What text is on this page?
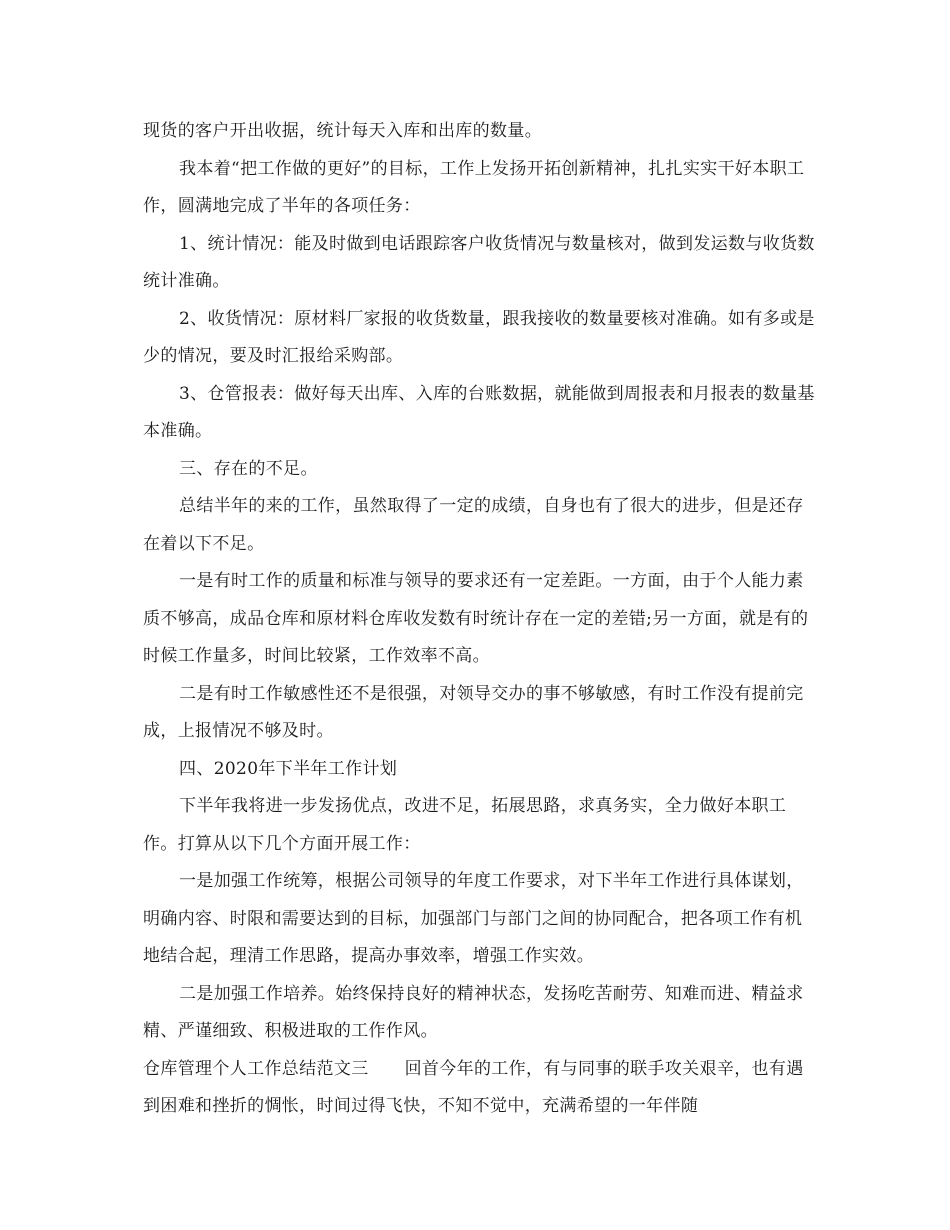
现货的客户开出收据，统计每天入库和出库的数量。

我本着“把工作做的更好”的目标，工作上发扬开拓创新精神，扎扎实实干好本职工作，圆满地完成了半年的各项任务：

1、统计情况：能及时做到电话跟踪客户收货情况与数量核对，做到发运数与收货数统计准确。

2、收货情况：原材料厂家报的收货数量，跟我接收的数量要核对准确。如有多或是少的情况，要及时汇报给采购部。

3、仓管报表：做好每天出库、入库的台账数据，就能做到周报表和月报表的数量基本准确。

三、存在的不足。

总结半年的来的工作，虽然取得了一定的成绩，自身也有了很大的进步，但是还存在着以下不足。

一是有时工作的质量和标准与领导的要求还有一定差距。一方面，由于个人能力素质不够高，成品仓库和原材料仓库收发数有时统计存在一定的差错;另一方面，就是有的时候工作量多，时间比较紧，工作效率不高。

二是有时工作敏感性还不是很强，对领导交办的事不够敏感，有时工作没有提前完成，上报情况不够及时。

四、2020年下半年工作计划

下半年我将进一步发扬优点，改进不足，拓展思路，求真务实，全力做好本职工作。打算从以下几个方面开展工作：

一是加强工作统筹，根据公司领导的年度工作要求，对下半年工作进行具体谋划，明确内容、时限和需要达到的目标，加强部门与部门之间的协同配合，把各项工作有机地结合起，理清工作思路，提高办事效率，增强工作实效。

二是加强工作培养。始终保持良好的精神状态，发扬吃苦耐劳、知难而进、精益求精、严谨细致、积极进取的工作作风。

仓库管理个人工作总结范文三 回首今年的工作，有与同事的联手攻关艰辛，也有遇到困难和挫折的惆怅，时间过得飞快，不知不觉中，充满希望的一年伴随
